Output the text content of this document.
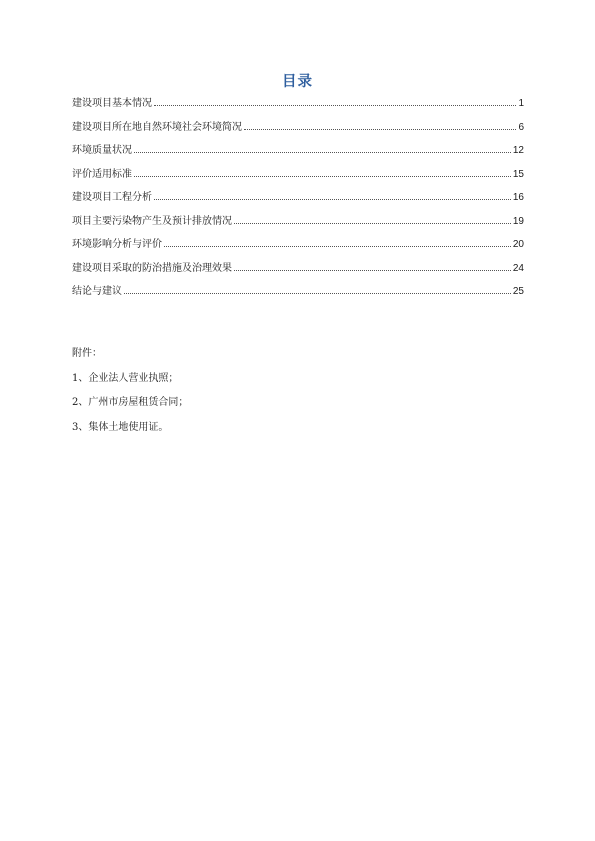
目录
建设项目基本情况	1
建设项目所在地自然环境社会环境简况	6
环境质量状况	12
评价适用标准	15
建设项目工程分析	16
项目主要污染物产生及预计排放情况	19
环境影响分析与评价	20
建设项目采取的防治措施及治理效果	24
结论与建议	25
附件：
1、企业法人营业执照；
2、广州市房屋租赁合同；
3、集体土地使用证。
